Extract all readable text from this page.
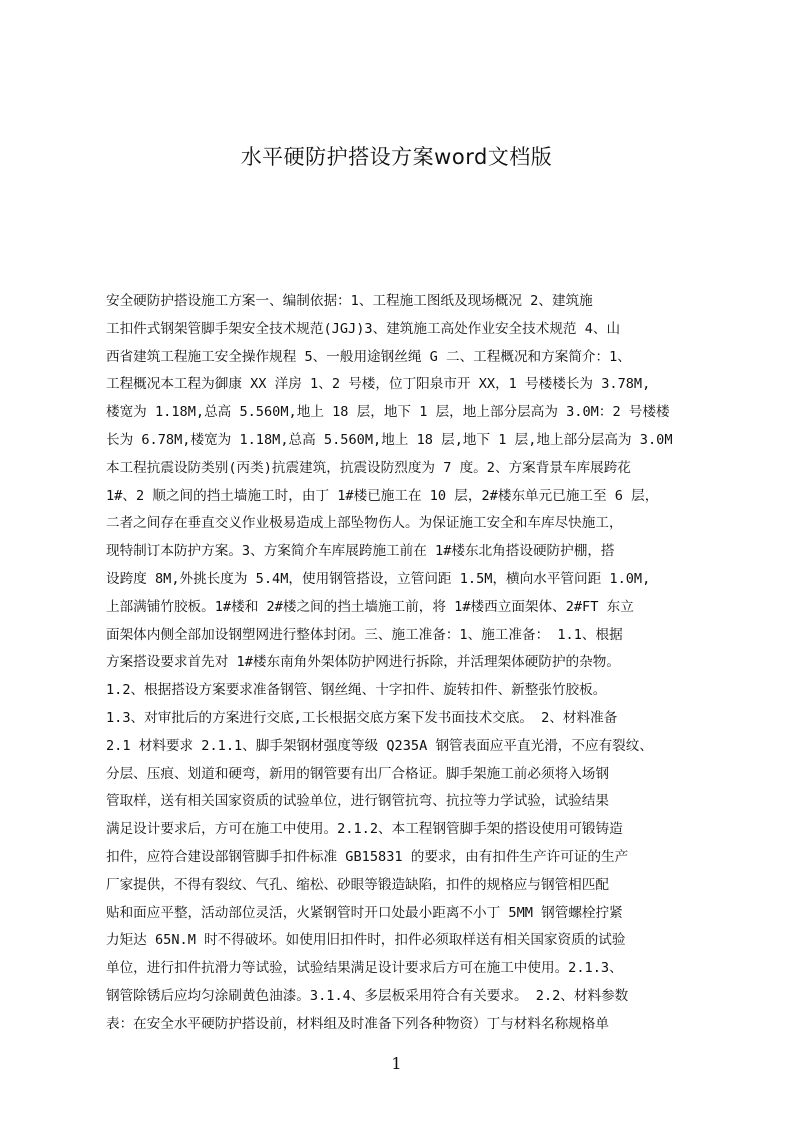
水平硬防护搭设方案word文档版
安全硬防护搭设施工方案一、编制依据：1、工程施工图纸及现场概况 2、建筑施
工扣件式钢架管脚手架安全技术规范(JGJ)3、建筑施工高处作业安全技术规范 4、山
西省建筑工程施工安全操作规程 5、一般用途钢丝绳 G 二、工程概况和方案简介：1、
工程概况本工程为御康 XX 洋房 1、2 号楼，位丁阳泉市开 XX，1 号楼楼长为 3.78M,
楼宽为 1.18M,总高 5.560M,地上 18 层，地下 1 层，地上部分层高为 3.0M：2 号楼楼
长为 6.78M,楼宽为 1.18M,总高 5.560M,地上 18 层,地下 1 层,地上部分层高为 3.0M
本工程抗震设防类别(丙类)抗震建筑，抗震设防烈度为 7 度。2、方案背景车库展跨花
1#、2 顺之间的挡土墙施工时，由丁 1#楼已施工在 10 层，2#楼东单元已施工至 6 层，
二者之间存在垂直交义作业极易造成上部坠物伤人。为保证施工安全和车库尽快施工，
现特制订本防护方案。3、方案简介车库展跨施工前在 1#楼东北角搭设硬防护棚，搭
设跨度 8M,外挑长度为 5.4M，使用钢管搭设，立管问距 1.5M，横向水平管问距 1.0M,
上部满铺竹胶板。1#楼和 2#楼之间的挡土墙施工前，将 1#楼西立面架体、2#FT 东立
面架体内侧全部加设钢塑网进行整体封闭。三、施工准备：1、施工准备： 1.1、根据
方案搭设要求首先对 1#楼东南角外架体防护网进行拆除，并活理架体硬防护的杂物。
1.2、根据搭设方案要求准备钢管、钢丝绳、十字扣件、旋转扣件、新整张竹胶板。
1.3、对审批后的方案进行交底,工长根据交底方案下发书面技术交底。 2、材料准备
2.1 材料要求 2.1.1、脚手架钢材强度等级 Q235A 钢管表面应平直光滑，不应有裂纹、
分层、压痕、划道和硬弯，新用的钢管要有出厂合格证。脚手架施工前必须将入场钢
管取样，送有相关国家资质的试验单位，进行钢管抗弯、抗拉等力学试验，试验结果
满足设计要求后，方可在施工中使用。2.1.2、本工程钢管脚手架的搭设使用可锻铸造
扣件，应符合建设部钢管脚手扣件标准 GB15831 的要求，由有扣件生产许可证的生产
厂家提供，不得有裂纹、气孔、缩松、砂眼等锻造缺陷，扣件的规格应与钢管相匹配
贴和面应平整，活动部位灵活，火紧钢管时开口处最小距离不小丁 5MM 钢管螺栓拧紧
力矩达 65N.M 时不得破坏。如使用旧扣件时，扣件必须取样送有相关国家资质的试验
单位，进行扣件抗滑力等试验，试验结果满足设计要求后方可在施工中使用。2.1.3、
钢管除锈后应均匀涂刷黄色油漆。3.1.4、多层板采用符合有关要求。 2.2、材料参数
表：在安全水平硬防护搭设前，材料组及时准备下列各种物资）丁与材料名称规格单
1
